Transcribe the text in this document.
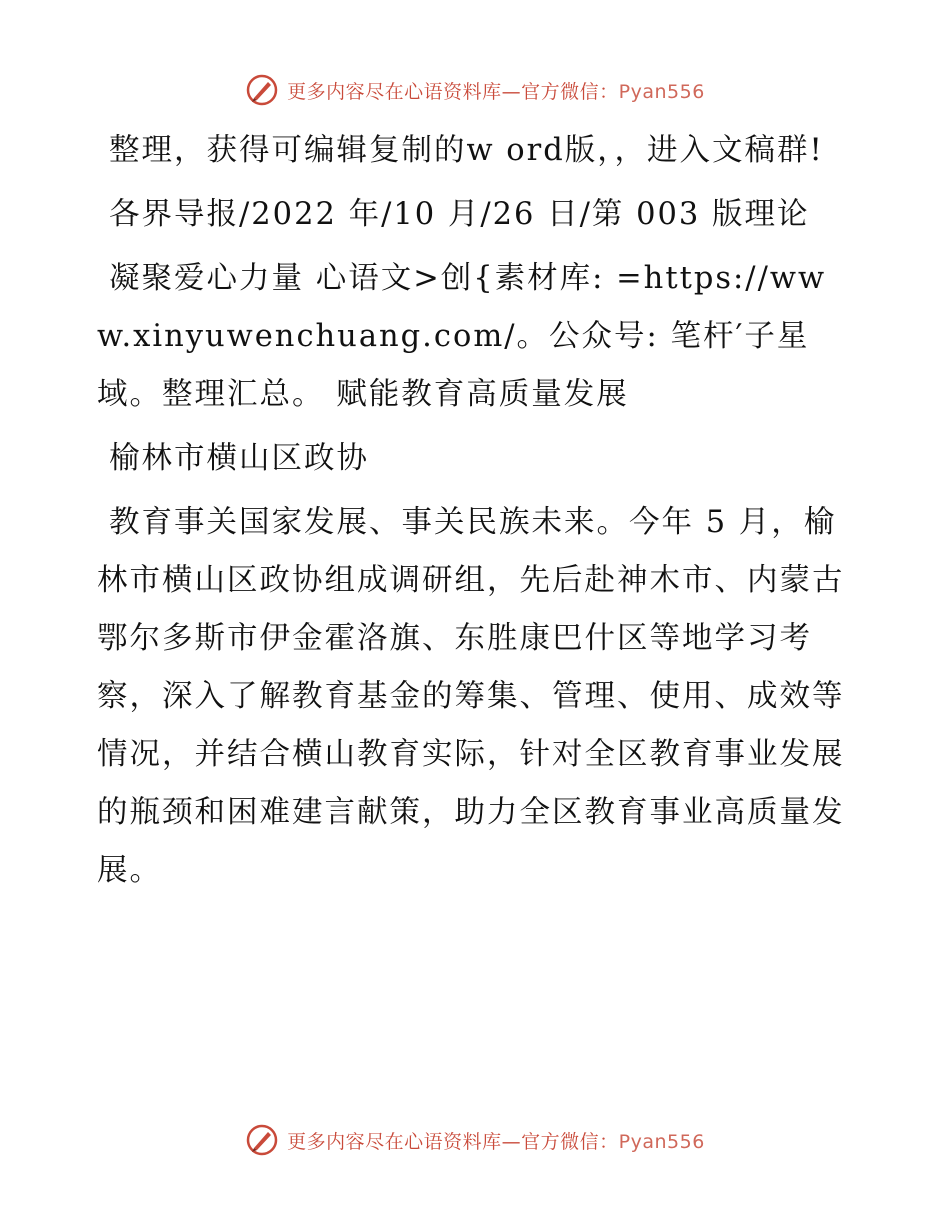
更多内容尽在心语资料库—官方微信：Pyan556

整理，获得可编辑复制的w ord版，，进入文稿群!

各界导报/2022 年/10 月/26 日/第 003 版理论

凝聚爱心力量 心语文>创{素材库: =https://www.xinyuwenchuang.com/。公众号: 笔杆′子星域。整理汇总。 赋能教育高质量发展

榆林市横山区政协

教育事关国家发展、事关民族未来。今年 5 月，榆林市横山区政协组成调研组，先后赴神木市、内蒙古鄂尔多斯市伊金霍洛旗、东胜康巴什区等地学习考察，深入了解教育基金的筹集、管理、使用、成效等情况，并结合横山教育实际，针对全区教育事业发展的瓶颈和困难建言献策，助力全区教育事业高质量发展。

更多内容尽在心语资料库—官方微信：Pyan556
